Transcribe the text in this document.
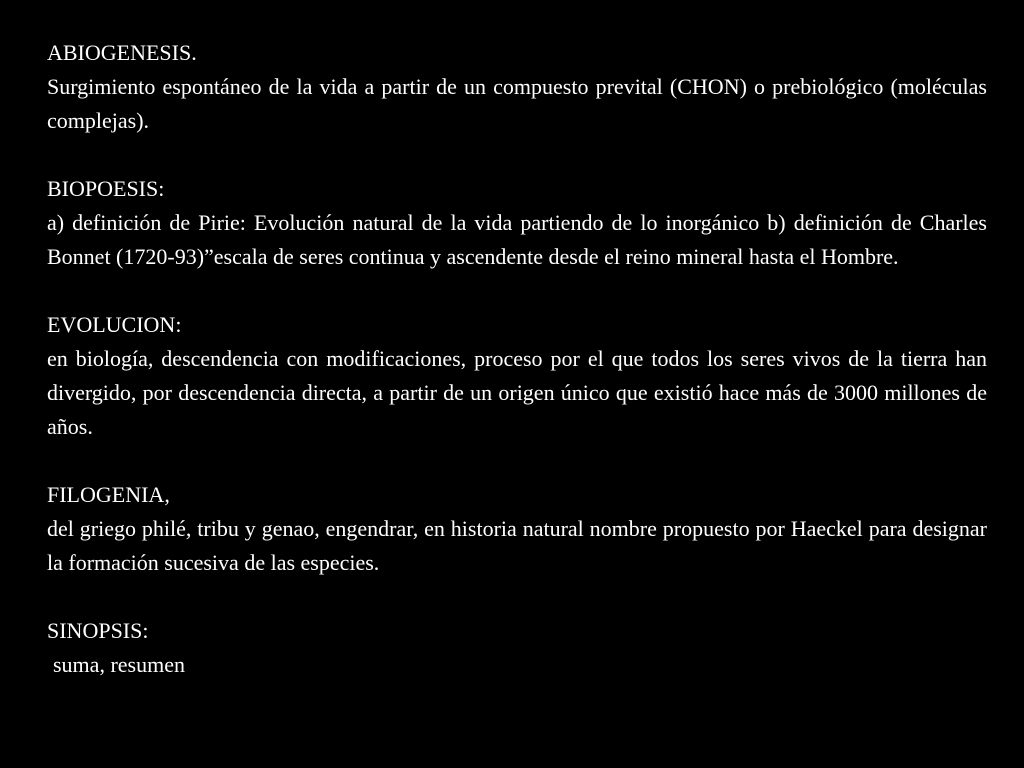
ABIOGENESIS.
Surgimiento espontáneo de la vida a partir de un compuesto prevital (CHON) o prebiológico (moléculas complejas).
BIOPOESIS:
a) definición de Pirie: Evolución natural de la vida partiendo de lo inorgánico b) definición de Charles Bonnet (1720-93)”escala de seres continua y ascendente desde el reino mineral hasta el Hombre.
EVOLUCION:
en biología, descendencia con modificaciones, proceso por el que todos los seres vivos de la tierra han divergido, por descendencia directa, a partir de un origen único que existió hace más de 3000 millones de años.
FILOGENIA,
del griego philé, tribu y genao, engendrar, en historia natural nombre propuesto por Haeckel para designar la formación sucesiva de las especies.
SINOPSIS:
suma, resumen
